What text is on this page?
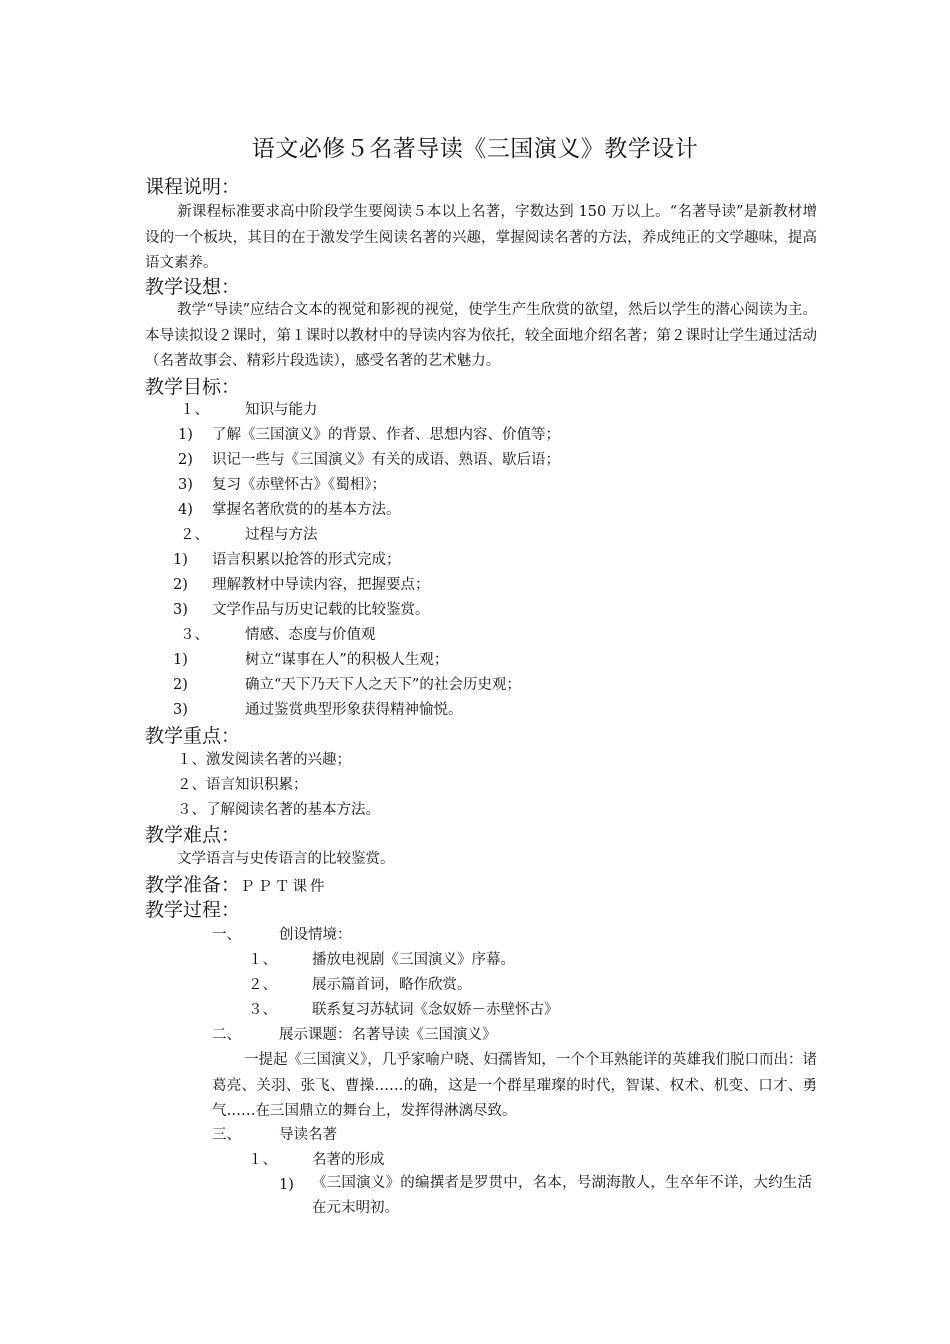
语文必修５名著导读《三国演义》教学设计
课程说明：
新课程标准要求高中阶段学生要阅读５本以上名著，字数达到 150 万以上。“名著导读”是新教材增设的一个板块，其目的在于激发学生阅读名著的兴趣，掌握阅读名著的方法，养成纯正的文学趣味，提高语文素养。
教学设想：
教学“导读”应结合文本的视觉和影视的视觉，使学生产生欣赏的欲望，然后以学生的潜心阅读为主。本导读拟设２课时，第１课时以教材中的导读内容为依托，较全面地介绍名著；第２课时让学生通过活动（名著故事会、精彩片段选读），感受名著的艺术魅力。
教学目标：
１、 知识与能力
1) 了解《三国演义》的背景、作者、思想内容、价值等；
2) 识记一些与《三国演义》有关的成语、熟语、歇后语；
3) 复习《赤壁怀古》《蜀相》；
4) 掌握名著欣赏的的基本方法。
２、 过程与方法
1) 语言积累以抢答的形式完成；
2) 理解教材中导读内容，把握要点；
3) 文学作品与历史记载的比较鉴赏。
３、 情感、态度与价值观
1)	树立“谋事在人”的积极人生观；
2)	确立“天下乃天下人之天下”的社会历史观；
3)	通过鉴赏典型形象获得精神愉悦。
教学重点：
１、激发阅读名著的兴趣；
２、语言知识积累；
３、了解阅读名著的基本方法。
教学难点：
文学语言与史传语言的比较鉴赏。
教学准备：ＰＰＴ课件
教学过程：
一、	创设情境：
１、 播放电视剧《三国演义》序幕。
２、 展示篇首词，略作欣赏。
３、 联系复习苏轼词《念奴娇－赤壁怀古》
二、	展示课题：名著导读《三国演义》
一提起《三国演义》，几乎家喻户晓、妇孺皆知，一个个耳熟能详的英雄我们脱口而出：诸葛亮、关羽、张飞、曹操……的确，这是一个群星璀璨的时代，智谋、权术、机变、口才、勇气……在三国鼎立的舞台上，发挥得淋漓尽致。
三、	导读名著
１、 名著的形成
1) 《三国演义》的编撰者是罗贯中，名本，号湖海散人，生卒年不详，大约生活在元末明初。
